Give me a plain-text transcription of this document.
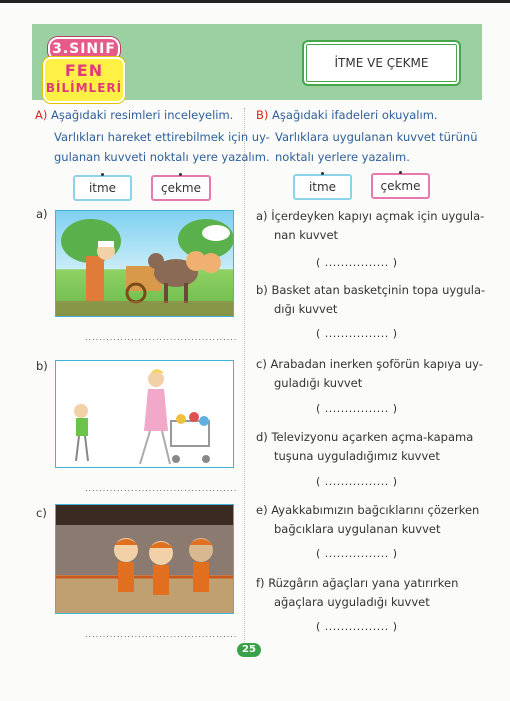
3.SINIF
FEN
BİLİMLERİ
İTME VE ÇEKME
A) Aşağıdaki resimleri inceleyelim.
Varlıkları hareket ettirebilmek için uy-
gulanan kuvveti noktalı yere yazalım.
itme	çekme
a)
...........................................
b)
...........................................
c)
...........................................
B) Aşağıdaki ifadeleri okuyalım.
Varlıklara uygulanan kuvvet türünü
noktalı yerlere yazalım.
itme	çekme
a) İçerdeyken kapıyı açmak için uygula-
nan kuvvet
( ................ )
b) Basket atan basketçinin topa uygula-
dığı kuvvet
( ................ )
c) Arabadan inerken şoförün kapıya uy-
guladığı kuvvet
( ................ )
d) Televizyonu açarken açma-kapama
tuşuna uyguladığımız kuvvet
( ................ )
e) Ayakkabımızın bağcıklarını çözerken
bağcıklara uygulanan kuvvet
( ................ )
f) Rüzgârın ağaçları yana yatırırken
ağaçlara uyguladığı kuvvet
( ................ )
25
